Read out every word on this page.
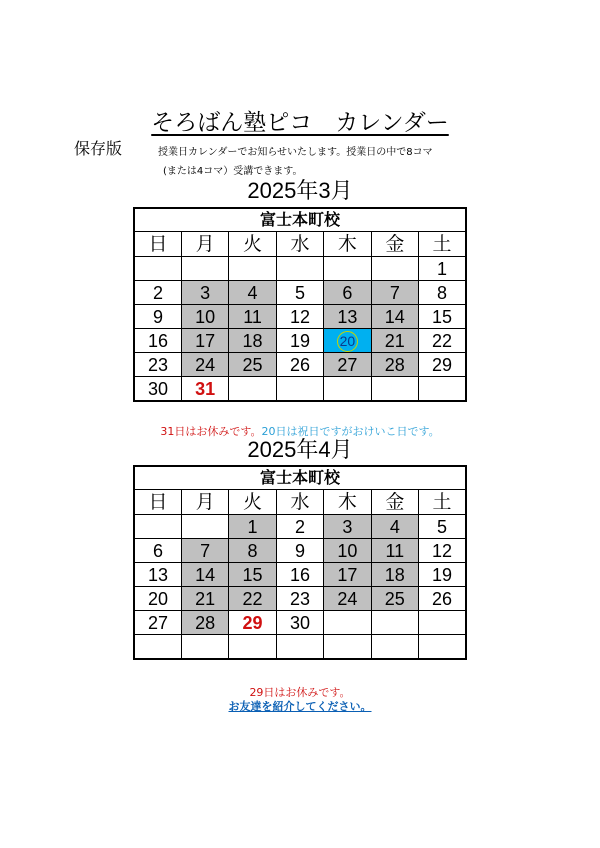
そろばん塾ピコ　カレンダー
保存版	授業日カレンダーでお知らせいたします。授業日の中で8コマ
(または4コマ）受講できます。
2025年3月
富士本町校						
日	月	火	水	木	金	土
						1
2	3	4	5	6	7	8
9	10	11	12	13	14	15
16	17	18	19	20	21	22
23	24	25	26	27	28	29
30	31					
31日はお休みです。20日は祝日ですがおけいこ日です。
2025年4月
富士本町校						
日	月	火	水	木	金	土
		1	2	3	4	5
6	7	8	9	10	11	12
13	14	15	16	17	18	19
20	21	22	23	24	25	26
27	28	29	30			

29日はお休みです。
お友達を紹介してください。
